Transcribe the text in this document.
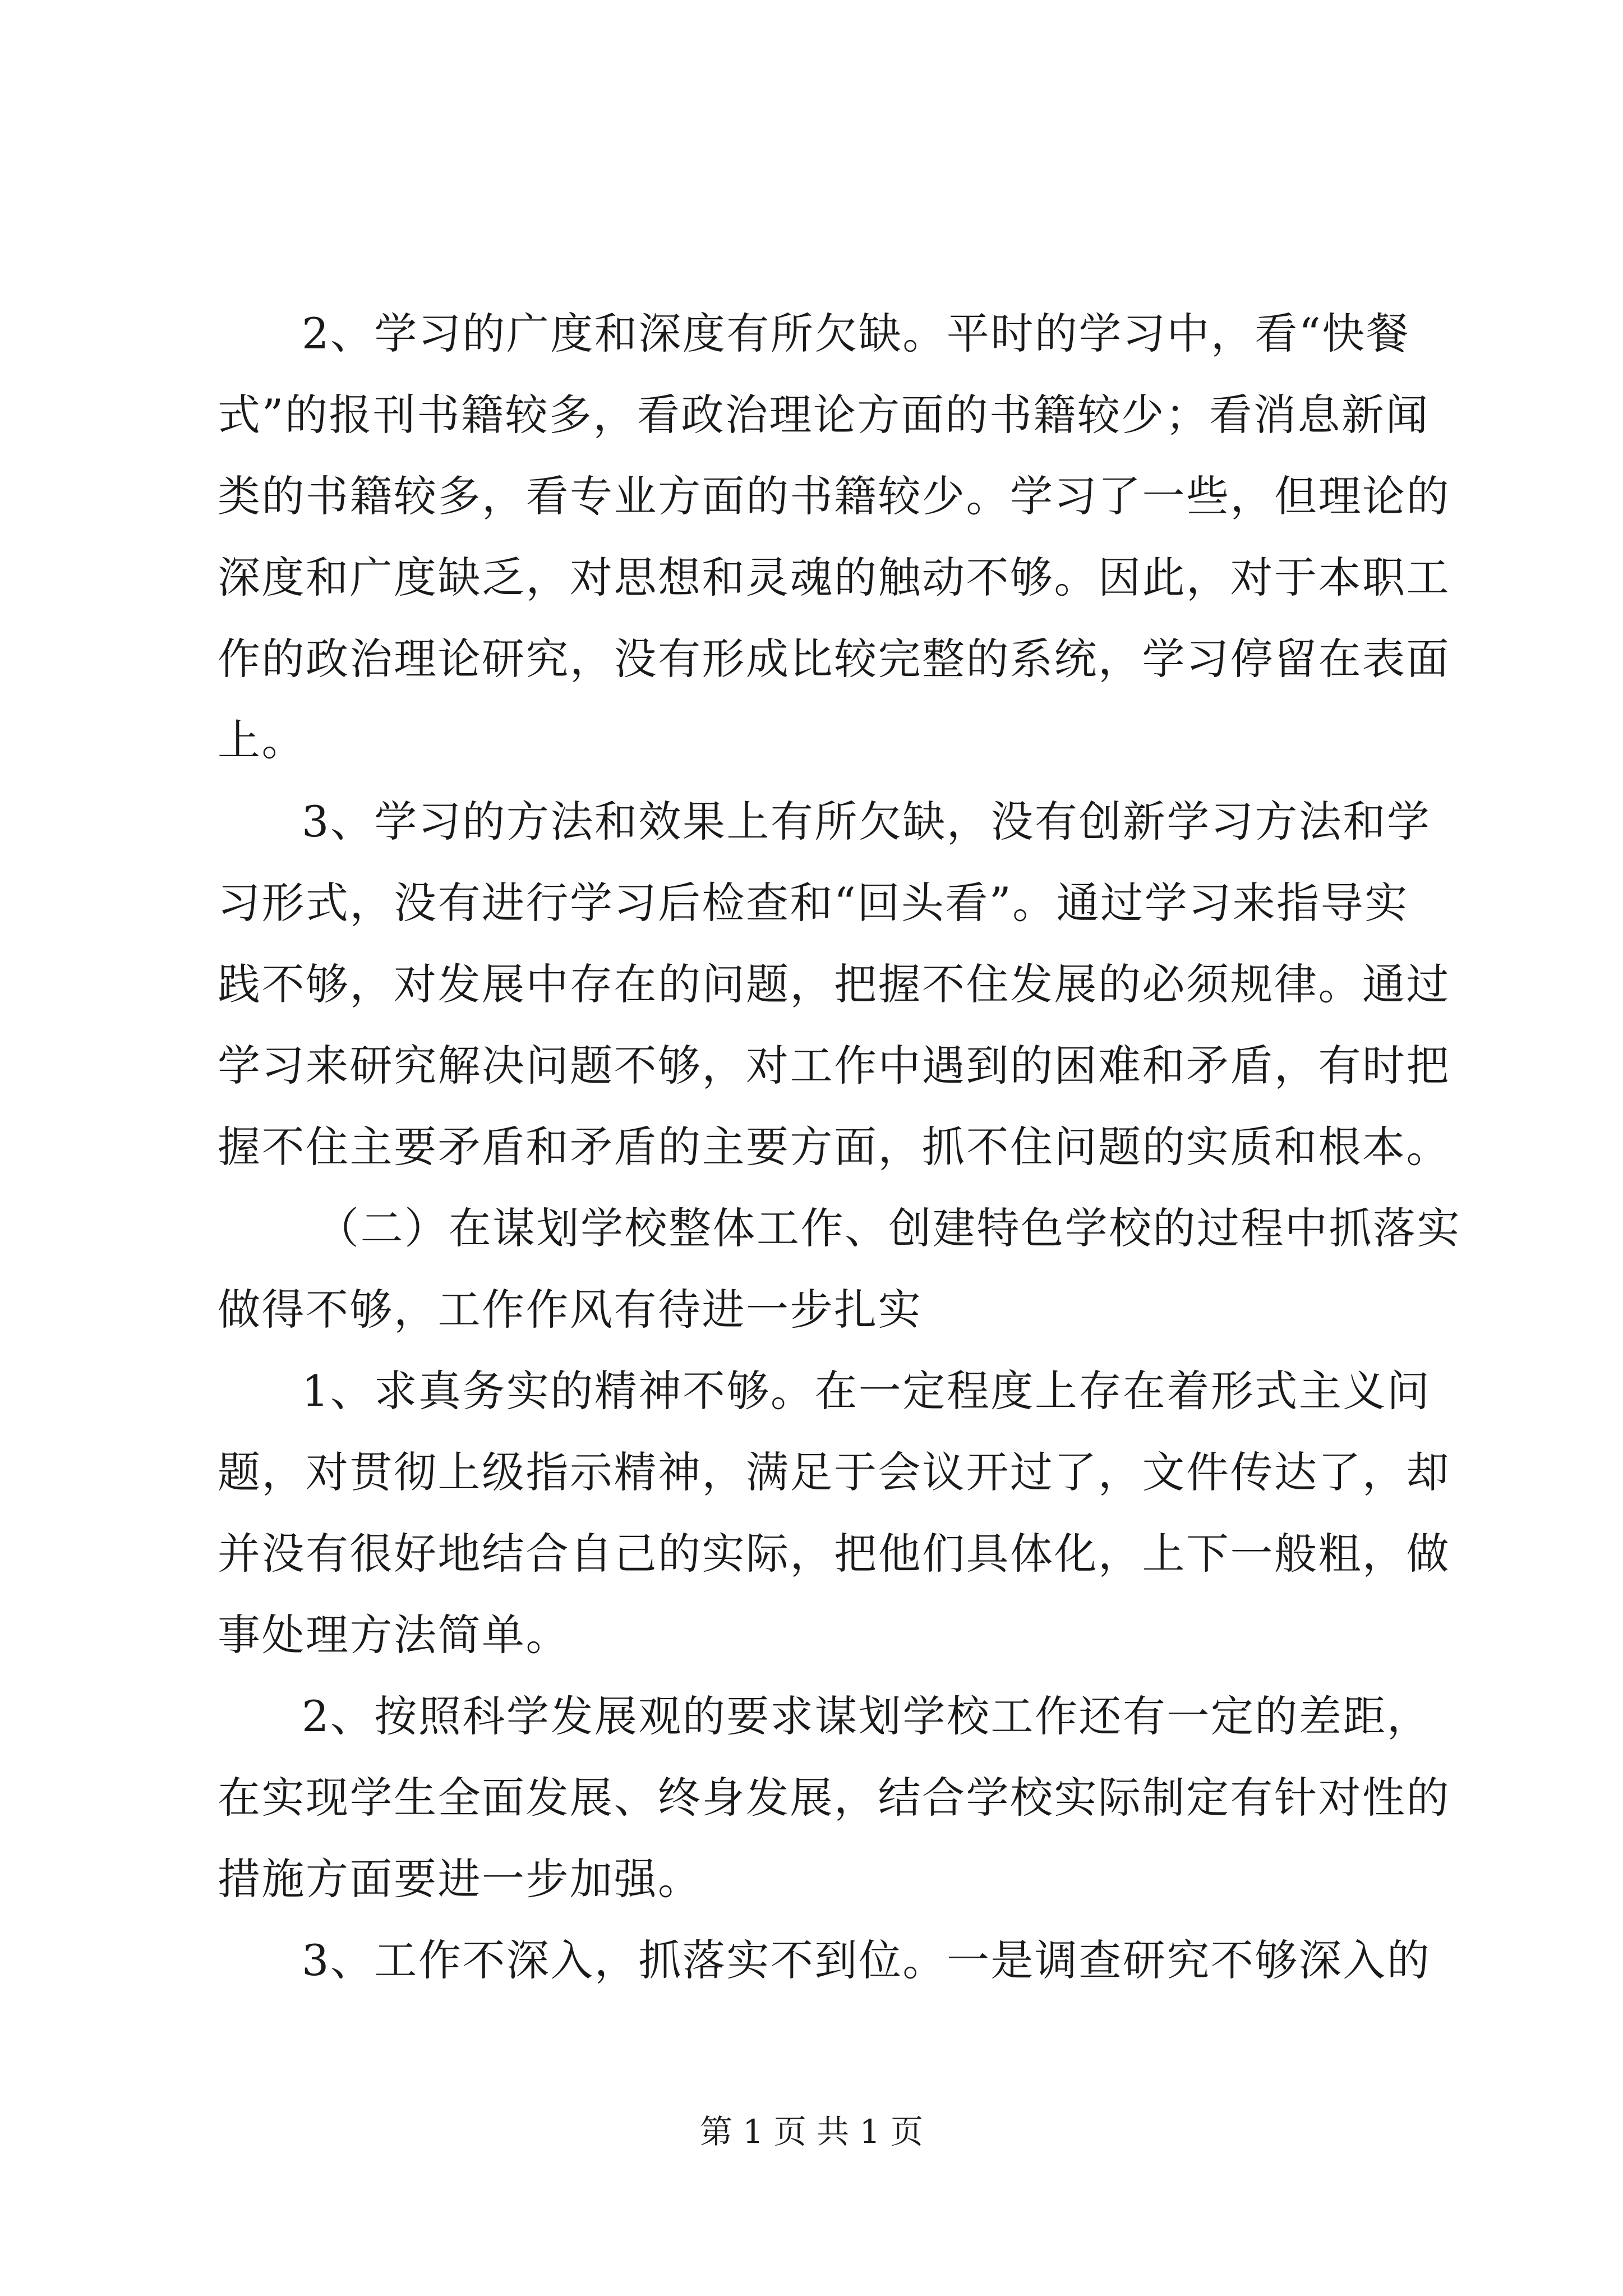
2、学习的广度和深度有所欠缺。平时的学习中，看“快餐
式”的报刊书籍较多，看政治理论方面的书籍较少；看消息新闻
类的书籍较多，看专业方面的书籍较少。学习了一些，但理论的
深度和广度缺乏，对思想和灵魂的触动不够。因此，对于本职工
作的政治理论研究，没有形成比较完整的系统，学习停留在表面
上。
3、学习的方法和效果上有所欠缺，没有创新学习方法和学
习形式，没有进行学习后检查和“回头看”。通过学习来指导实
践不够，对发展中存在的问题，把握不住发展的必须规律。通过
学习来研究解决问题不够，对工作中遇到的困难和矛盾，有时把
握不住主要矛盾和矛盾的主要方面，抓不住问题的实质和根本。
（二）在谋划学校整体工作、创建特色学校的过程中抓落实
做得不够，工作作风有待进一步扎实
1、求真务实的精神不够。在一定程度上存在着形式主义问
题，对贯彻上级指示精神，满足于会议开过了，文件传达了，却
并没有很好地结合自己的实际，把他们具体化，上下一般粗，做
事处理方法简单。
2、按照科学发展观的要求谋划学校工作还有一定的差距，
在实现学生全面发展、终身发展，结合学校实际制定有针对性的
措施方面要进一步加强。
3、工作不深入，抓落实不到位。一是调查研究不够深入的
第 1 页 共 1 页
